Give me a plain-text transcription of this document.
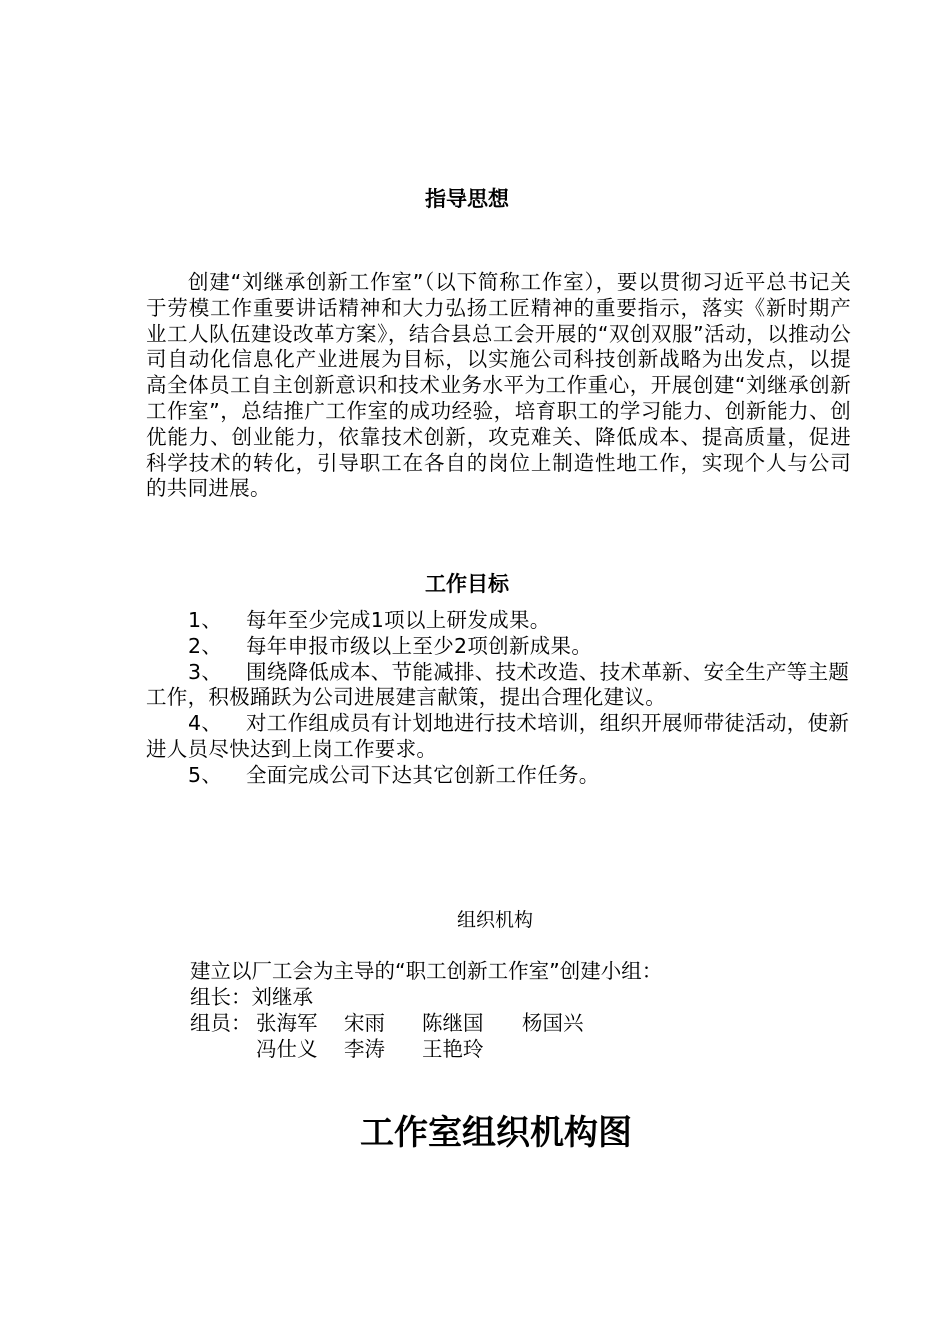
指导思想

创建“刘继承创新工作室”（以下简称工作室），要以贯彻习近平总书记关于劳模工作重要讲话精神和大力弘扬工匠精神的重要指示，落实《新时期产业工人队伍建设改革方案》，结合县总工会开展的“双创双服”活动，以推动公司自动化信息化产业进展为目标，以实施公司科技创新战略为出发点，以提高全体员工自主创新意识和技术业务水平为工作重心，开展创建“刘继承创新工作室”，总结推广工作室的成功经验，培育职工的学习能力、创新能力、创优能力、创业能力，依靠技术创新，攻克难关、降低成本、提高质量，促进科学技术的转化，引导职工在各自的岗位上制造性地工作，实现个人与公司的共同进展。

工作目标
1、 每年至少完成1项以上研发成果。
2、 每年申报市级以上至少2项创新成果。
3、 围绕降低成本、节能减排、技术改造、技术革新、安全生产等主题工作，积极踊跃为公司进展建言献策，提出合理化建议。
4、 对工作组成员有计划地进行技术培训，组织开展师带徒活动，使新进人员尽快达到上岗工作要求。
5、 全面完成公司下达其它创新工作任务。
组织机构

建立以厂工会为主导的“职工创新工作室”创建小组：

组长：刘继承

组员： 张海军 宋雨 陈继国 杨国兴

冯仕义 李涛 王艳玲

工作室组织机构图
